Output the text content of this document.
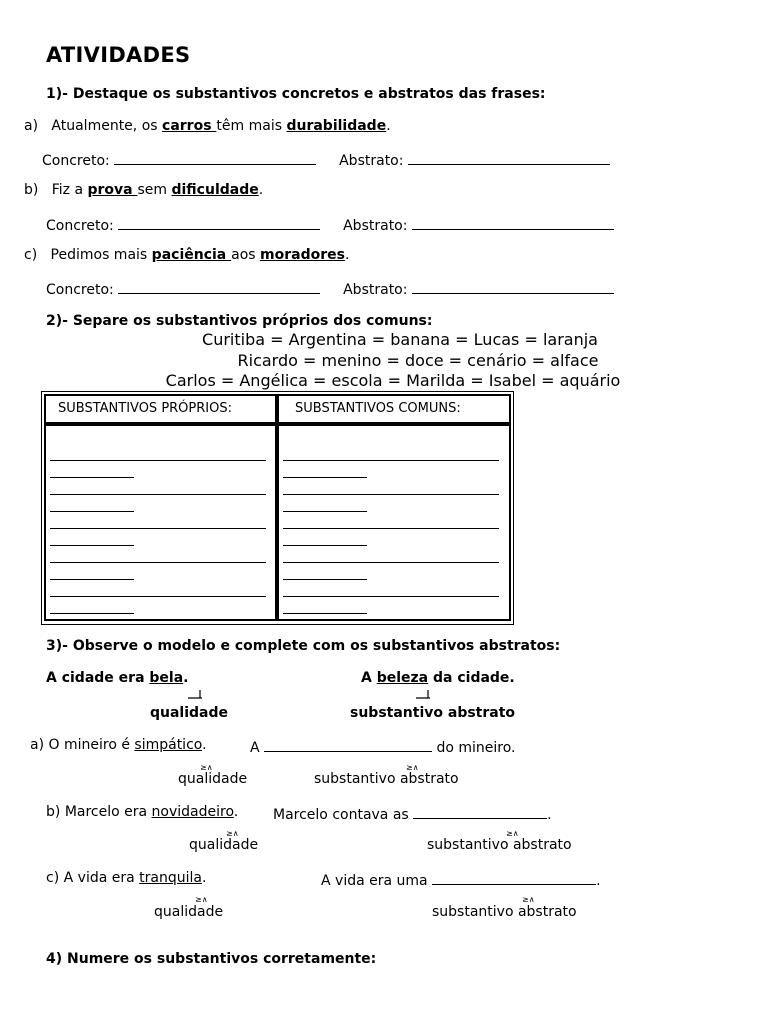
ATIVIDADES
1)- Destaque os substantivos concretos e abstratos das frases:
a) Atualmente, os carros têm mais durabilidade.
Concreto:	Abstrato:
b) Fiz a prova sem dificuldade.
Concreto:	Abstrato:
c) Pedimos mais paciência aos moradores.
Concreto:	Abstrato:
2)- Separe os substantivos próprios dos comuns:
Curitiba = Argentina = banana = Lucas = laranja
Ricardo = menino = doce = cenário = alface
Carlos = Angélica = escola = Marilda = Isabel = aquário
SUBSTANTIVOS PRÓPRIOS:	SUBSTANTIVOS COMUNS:
3)- Observe o modelo e complete com os substantivos abstratos:
A cidade era bela.	A beleza da cidade.
qualidade	substantivo abstrato
a) O mineiro é simpático.	A	do mineiro.
≥∧	≥∧
qualidade	substantivo abstrato
b) Marcelo era novidadeiro. Marcelo contava as	.
≥∧	≥∧
qualidade	substantivo abstrato
c) A vida era tranquila.	A vida era uma	.
≥∧	≥∧
qualidade	substantivo abstrato
4) Numere os substantivos corretamente:
